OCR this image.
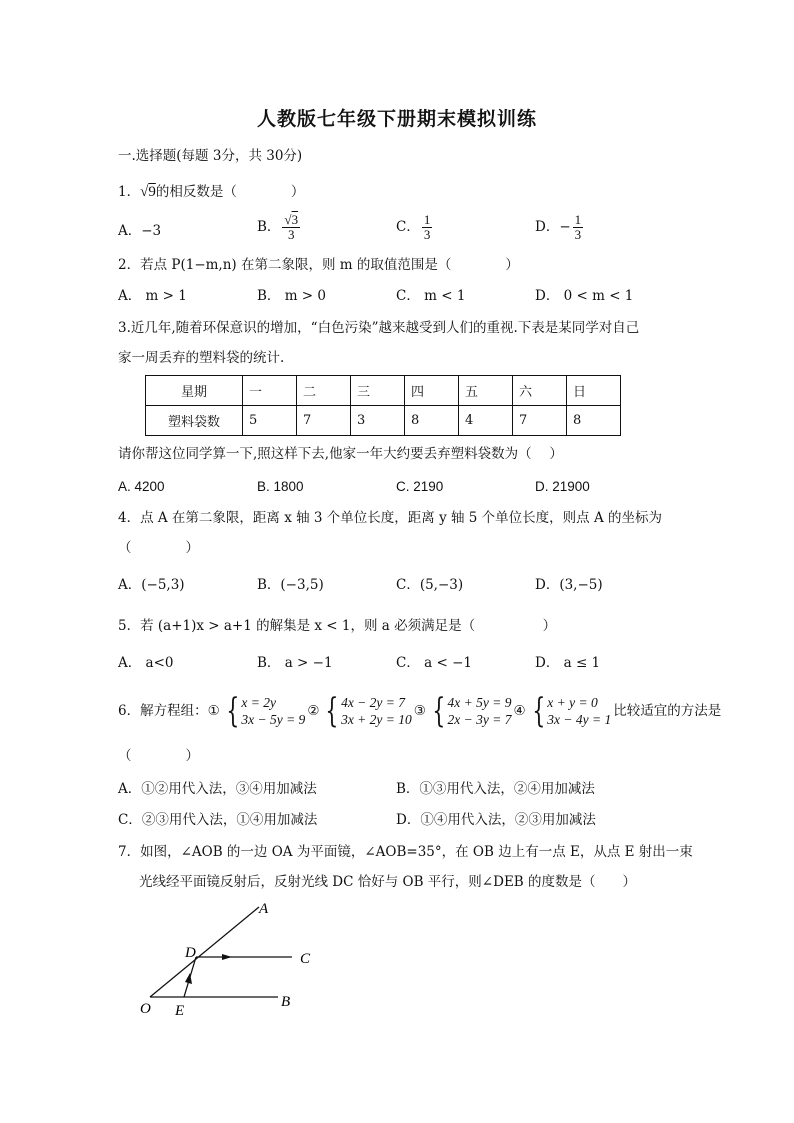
人教版七年级下册期末模拟训练
一.选择题(每题 3分，共 30分)
1．√9的相反数是（　　　　）
A．−3	B． $\frac{√3}{3}$	C． $\frac{1}{3}$	D．− $\frac{1}{3}$
2．若点 P(1−m,n) 在第二象限，则 m 的取值范围是（　　　　）
A． m > 1	B． m > 0	C． m < 1	D． 0 < m < 1
3.近几年,随着环保意识的增加，“白色污染”越来越受到人们的重视.下表是某同学对自己
家一周丢弃的塑料袋的统计.
星期	一	二	三	四	五	六	日
塑料袋数	5	7	3	8	4	7	8
请你帮这位同学算一下,照这样下去,他家一年大约要丢弃塑料袋数为（　 ）
A. 4200	B. 1800	C. 2190	D. 21900
4．点 A 在第二象限，距离 x 轴 3 个单位长度，距离 y 轴 5 个单位长度，则点 A 的坐标为
（　　　　）
A．(−5,3)	B．(−3,5)	C．(5,−3)	D．(3,−5)
5．若 (a+1)x > a+1 的解集是 x < 1，则 a 必须满足是（　　　　　）
A． a<0	B． a > −1	C． a < −1	D． a ≤ 1
6．解方程组： ① { x = 2y
3x − 5y = 9
② { 4x − 2y = 7
3x + 2y = 10
③ { 4x + 5y = 9
2x − 3y = 7
④ { x + y = 0
3x − 4y = 1
比较适宜的方法是
（　　　　）
A．①②用代入法，③④用加减法	B．①③用代入法，②④用加减法
C．②③用代入法，①④用加减法	D．①④用代入法，②③用加减法
7．如图，∠AOB 的一边 OA 为平面镜，∠AOB=35°，在 OB 边上有一点 E，从点 E 射出一束
光线经平面镜反射后，反射光线 DC 恰好与 OB 平行，则∠DEB 的度数是（　　）
A
C
B
D
O E
